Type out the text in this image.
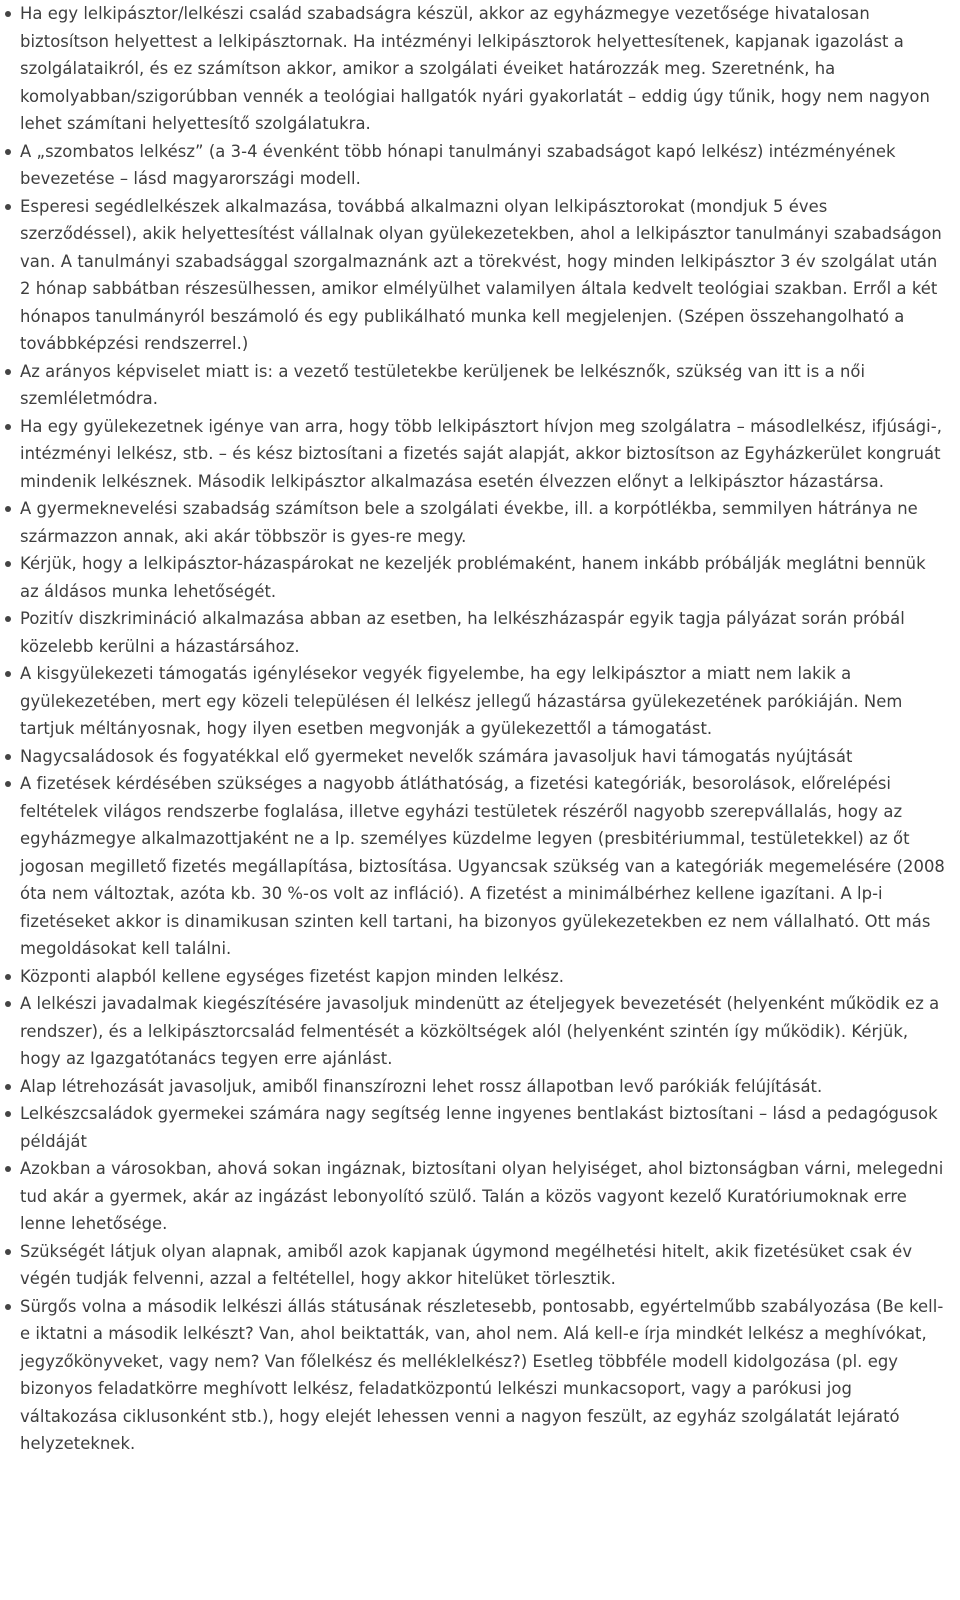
Ha egy lelkipásztor/lelkészi család szabadságra készül, akkor az egyházmegye vezetősége hivatalosan biztosítson helyettest a lelkipásztornak. Ha intézményi lelkipásztorok helyettesítenek, kapjanak igazolást a szolgálataikról, és ez számítson akkor, amikor a szolgálati éveiket határozzák meg. Szeretnénk, ha komolyabban/szigorúbban vennék a teológiai hallgatók nyári gyakorlatát – eddig úgy tűnik, hogy nem nagyon lehet számítani helyettesítő szolgálatukra.
A „szombatos lelkész” (a 3-4 évenként több hónapi tanulmányi szabadságot kapó lelkész) intézményének bevezetése – lásd magyarországi modell.
Esperesi segédlelkészek alkalmazása, továbbá alkalmazni olyan lelkipásztorokat (mondjuk 5 éves szerződéssel), akik helyettesítést vállalnak olyan gyülekezetekben, ahol a lelkipásztor tanulmányi szabadságon van. A tanulmányi szabadsággal szorgalmaznánk azt a törekvést, hogy minden lelkipásztor 3 év szolgálat után 2 hónap sabbátban részesülhessen, amikor elmélyülhet valamilyen általa kedvelt teológiai szakban. Erről a két hónapos tanulmányról beszámoló és egy publikálható munka kell megjelenjen. (Szépen összehangolható a továbbképzési rendszerrel.)
Az arányos képviselet miatt is: a vezető testületekbe kerüljenek be lelkésznők, szükség van itt is a női szemléletmódra.
Ha egy gyülekezetnek igénye van arra, hogy több lelkipásztort hívjon meg szolgálatra – másodlelkész, ifjúsági-, intézményi lelkész, stb. – és kész biztosítani a fizetés saját alapját, akkor biztosítson az Egyházkerület kongruát mindenik lelkésznek. Második lelkipásztor alkalmazása esetén élvezzen előnyt a lelkipásztor házastársa.
A gyermeknevelési szabadság számítson bele a szolgálati évekbe, ill. a korpótlékba, semmilyen hátránya ne származzon annak, aki akár többször is gyes-re megy.
Kérjük, hogy a lelkipásztor-házaspárokat ne kezeljék problémaként, hanem inkább próbálják meglátni bennük az áldásos munka lehetőségét.
Pozitív diszkrimináció alkalmazása abban az esetben, ha lelkészházaspár egyik tagja pályázat során próbál közelebb kerülni a házastársához.
A kisgyülekezeti támogatás igénylésekor vegyék figyelembe, ha egy lelkipásztor a miatt nem lakik a gyülekezetében, mert egy közeli településen él lelkész jellegű házastársa gyülekezetének parókiáján. Nem tartjuk méltányosnak, hogy ilyen esetben megvonják a gyülekezettől a támogatást.
Nagycsaládosok és fogyatékkal elő gyermeket nevelők számára javasoljuk havi támogatás nyújtását
A fizetések kérdésében szükséges a nagyobb átláthatóság, a fizetési kategóriák, besorolások, előrelépési feltételek világos rendszerbe foglalása, illetve egyházi testületek részéről nagyobb szerepvállalás, hogy az egyházmegye alkalmazottjaként ne a lp. személyes küzdelme legyen (presbitériummal, testületekkel) az őt jogosan megillető fizetés megállapítása, biztosítása. Ugyancsak szükség van a kategóriák megemelésére (2008 óta nem változtak, azóta kb. 30 %-os volt az infláció). A fizetést a minimálbérhez kellene igazítani. A lp-i fizetéseket akkor is dinamikusan szinten kell tartani, ha bizonyos gyülekezetekben ez nem vállalható. Ott más megoldásokat kell találni.
Központi alapból kellene egységes fizetést kapjon minden lelkész.
A lelkészi javadalmak kiegészítésére javasoljuk mindenütt az ételjegyek bevezetését (helyenként működik ez a rendszer), és a lelkipásztorcsalád felmentését a közköltségek alól (helyenként szintén így működik). Kérjük, hogy az Igazgatótanács tegyen erre ajánlást.
Alap létrehozását javasoljuk, amiből finanszírozni lehet rossz állapotban levő parókiák felújítását.
Lelkészcsaládok gyermekei számára nagy segítség lenne ingyenes bentlakást biztosítani – lásd a pedagógusok példáját
Azokban a városokban, ahová sokan ingáznak, biztosítani olyan helyiséget, ahol biztonságban várni, melegedni tud akár a gyermek, akár az ingázást lebonyolító szülő. Talán a közös vagyont kezelő Kuratóriumoknak erre lenne lehetősége.
Szükségét látjuk olyan alapnak, amiből azok kapjanak úgymond megélhetési hitelt, akik fizetésüket csak év végén tudják felvenni, azzal a feltétellel, hogy akkor hitelüket törlesztik.
Sürgős volna a második lelkészi állás státusának részletesebb, pontosabb, egyértelműbb szabályozása (Be kell-e iktatni a második lelkészt? Van, ahol beiktatták, van, ahol nem. Alá kell-e írja mindkét lelkész a meghívókat, jegyzőkönyveket, vagy nem? Van főlelkész és melléklelkész?) Esetleg többféle modell kidolgozása (pl. egy bizonyos feladatkörre meghívott lelkész, feladatközpontú lelkészi munkacsoport, vagy a parókusi jog váltakozása ciklusonként stb.), hogy elejét lehessen venni a nagyon feszült, az egyház szolgálatát lejárató helyzeteknek.
